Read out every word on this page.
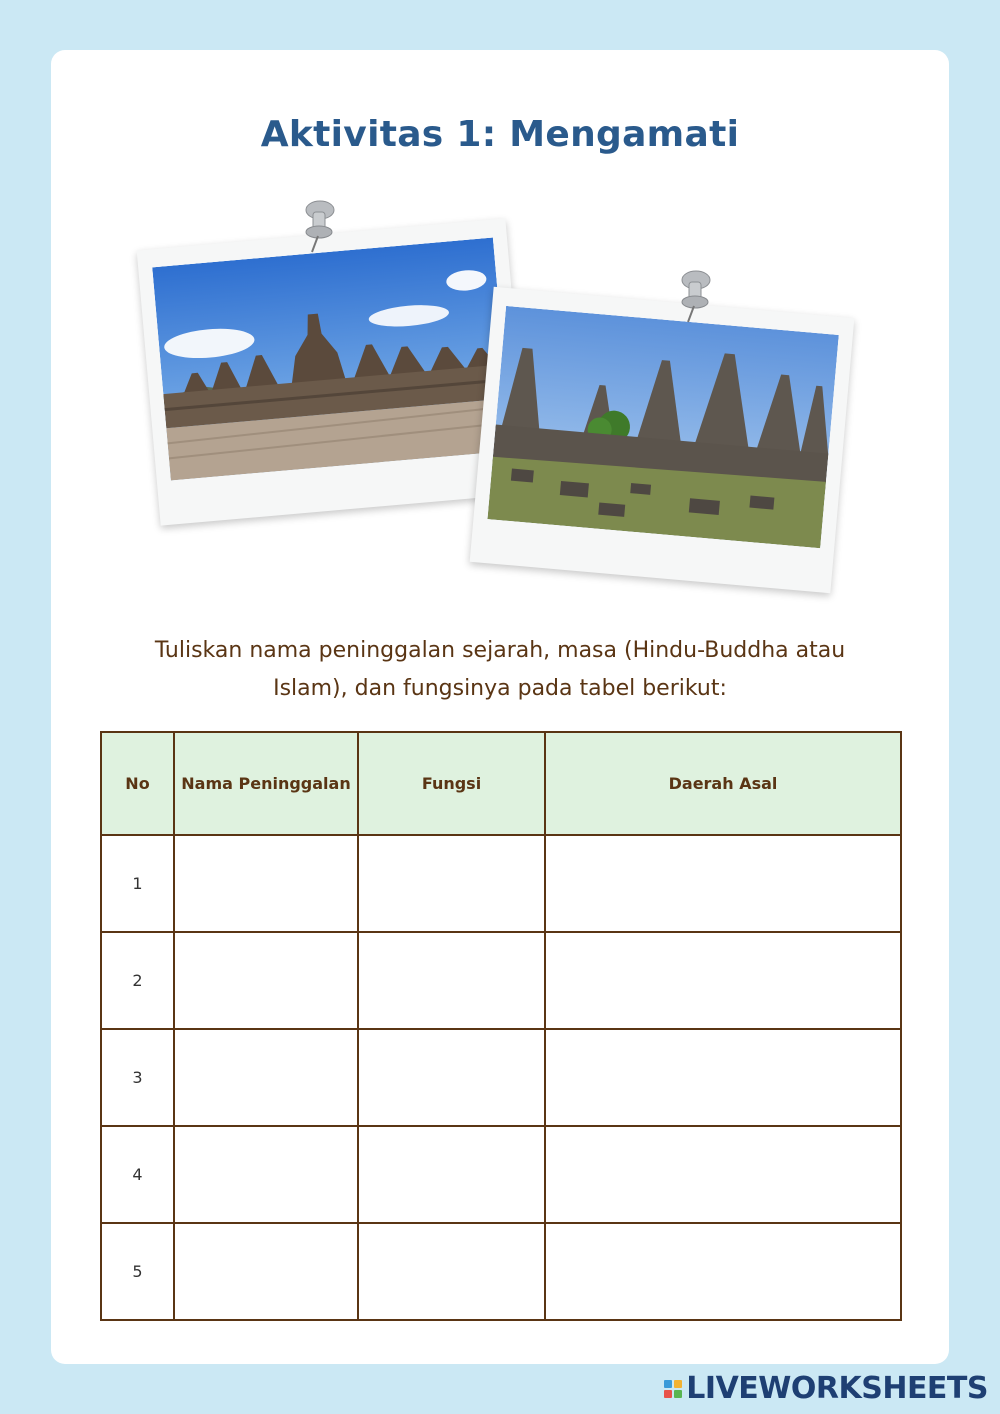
Aktivitas 1: Mengamati
Tuliskan nama peninggalan sejarah, masa (Hindu-Buddha atau
Islam), dan fungsinya pada tabel berikut:
No	Nama Peninggalan	Fungsi	Daerah Asal
1			
2			
3			
4			
5			
LIVEWORKSHEETS
